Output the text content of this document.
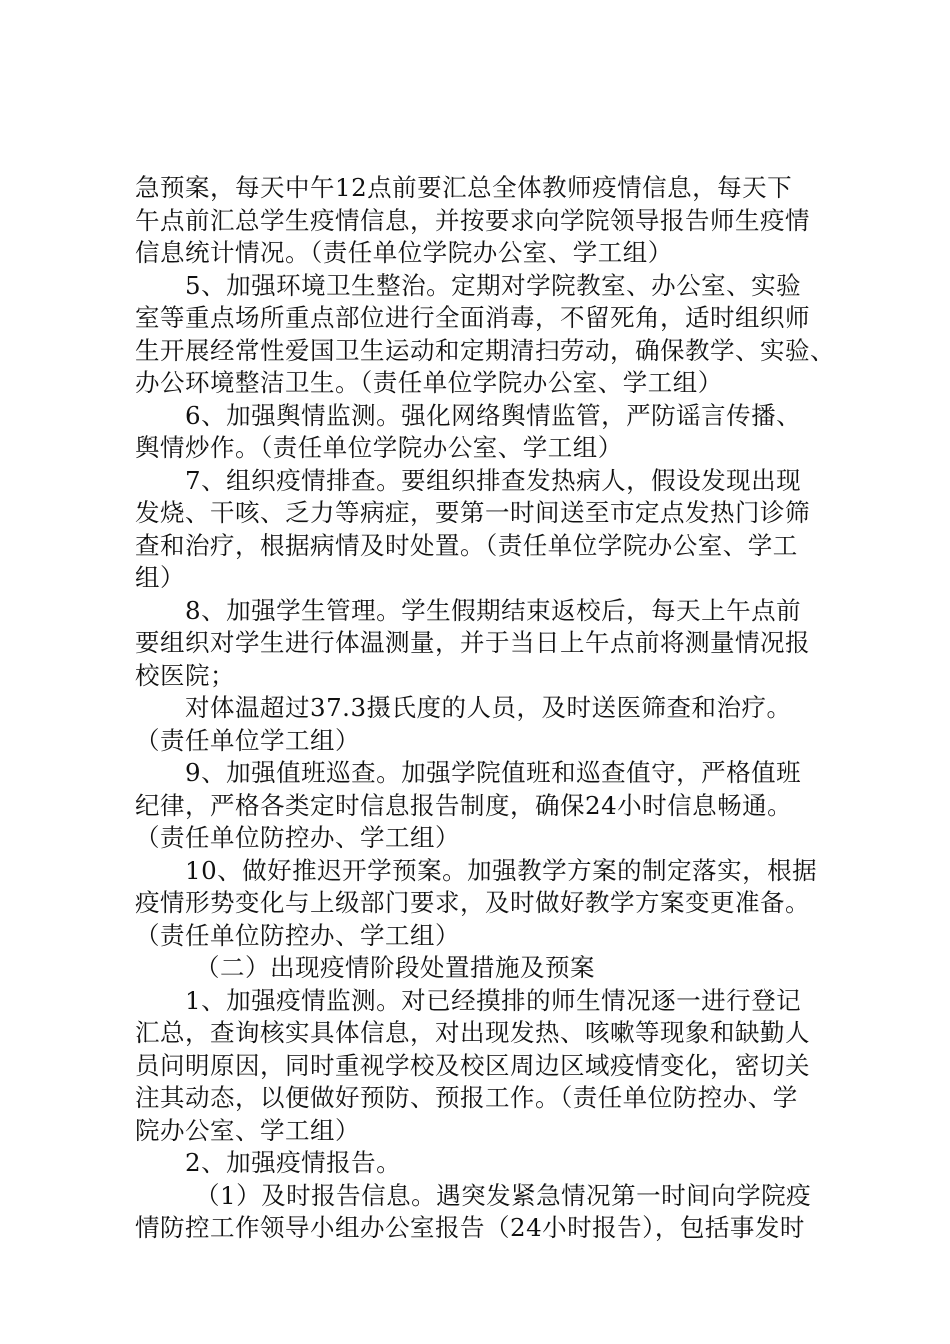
急预案，每天中午12点前要汇总全体教师疫情信息，每天下
午点前汇总学生疫情信息，并按要求向学院领导报告师生疫情
信息统计情况。（责任单位学院办公室、学工组）
5、加强环境卫生整治。定期对学院教室、办公室、实验
室等重点场所重点部位进行全面消毒，不留死角，适时组织师
生开展经常性爱国卫生运动和定期清扫劳动，确保教学、实验、
办公环境整洁卫生。（责任单位学院办公室、学工组）
6、加强舆情监测。强化网络舆情监管，严防谣言传播、
舆情炒作。（责任单位学院办公室、学工组）
7、组织疫情排查。要组织排查发热病人，假设发现出现
发烧、干咳、乏力等病症，要第一时间送至市定点发热门诊筛
查和治疗，根据病情及时处置。（责任单位学院办公室、学工
组）
8、加强学生管理。学生假期结束返校后，每天上午点前
要组织对学生进行体温测量，并于当日上午点前将测量情况报
校医院；
对体温超过37.3摄氏度的人员，及时送医筛查和治疗。
（责任单位学工组）
9、加强值班巡查。加强学院值班和巡查值守，严格值班
纪律，严格各类定时信息报告制度，确保24小时信息畅通。
（责任单位防控办、学工组）
10、做好推迟开学预案。加强教学方案的制定落实，根据
疫情形势变化与上级部门要求，及时做好教学方案变更准备。
（责任单位防控办、学工组）
（二）出现疫情阶段处置措施及预案
1、加强疫情监测。对已经摸排的师生情况逐一进行登记
汇总，查询核实具体信息，对出现发热、咳嗽等现象和缺勤人
员问明原因，同时重视学校及校区周边区域疫情变化，密切关
注其动态，以便做好预防、预报工作。（责任单位防控办、学
院办公室、学工组）
2、加强疫情报告。
（1）及时报告信息。遇突发紧急情况第一时间向学院疫
情防控工作领导小组办公室报告（24小时报告），包括事发时
